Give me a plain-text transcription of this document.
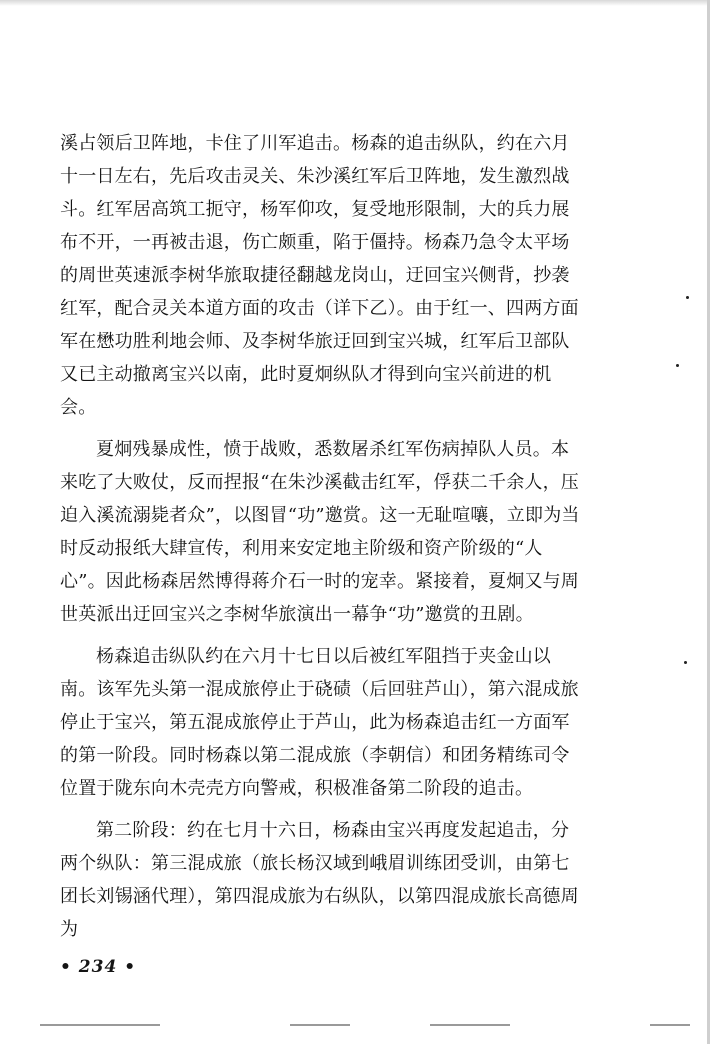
溪占领后卫阵地，卡住了川军追击。杨森的追击纵队，约在六月十一日左右，先后攻击灵关、朱沙溪红军后卫阵地，发生激烈战斗。红军居高筑工扼守，杨军仰攻，复受地形限制，大的兵力展布不开，一再被击退，伤亡颇重，陷于僵持。杨森乃急令太平场的周世英速派李树华旅取捷径翻越龙岗山，迂回宝兴侧背，抄袭红军，配合灵关本道方面的攻击（详下乙）。由于红一、四两方面军在懋功胜利地会师、及李树华旅迂回到宝兴城，红军后卫部队又已主动撤离宝兴以南，此时夏炯纵队才得到向宝兴前进的机会。

夏炯残暴成性，愤于战败，悉数屠杀红军伤病掉队人员。本来吃了大败仗，反而捏报“在朱沙溪截击红军，俘获二千余人，压迫入溪流溺毙者众”，以图冒“功”邀赏。这一无耻喧嚷，立即为当时反动报纸大肆宣传，利用来安定地主阶级和资产阶级的“人心”。因此杨森居然博得蒋介石一时的宠幸。紧接着，夏炯又与周世英派出迂回宝兴之李树华旅演出一幕争“功”邀赏的丑剧。

杨森追击纵队约在六月十七日以后被红军阻挡于夹金山以南。该军先头第一混成旅停止于硗碛（后回驻芦山），第六混成旅停止于宝兴，第五混成旅停止于芦山，此为杨森追击红一方面军的第一阶段。同时杨森以第二混成旅（李朝信）和团务精练司令位置于陇东向木壳壳方向警戒，积极准备第二阶段的追击。

第二阶段：约在七月十六日，杨森由宝兴再度发起追击，分两个纵队：第三混成旅（旅长杨汉域到峨眉训练团受训，由第七团长刘锡涵代理），第四混成旅为右纵队，以第四混成旅长高德周为

• 234 •
